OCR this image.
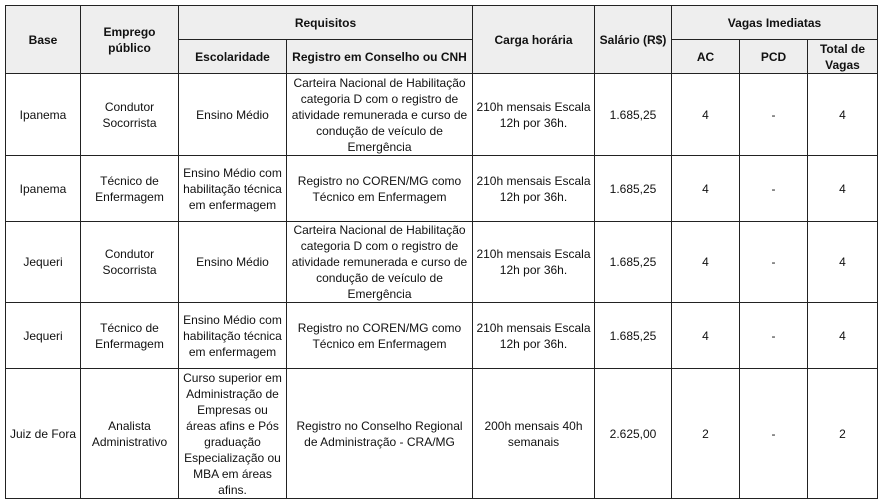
Base	Emprego público	Requisitos		Carga horária	Salário (R$)	Vagas Imediatas		
		Escolaridade	Registro em Conselho ou CNH			AC	PCD	Total de Vagas
Ipanema	Condutor Socorrista	Ensino Médio	Carteira Nacional de Habilitação categoria D com o registro de atividade remunerada e curso de condução de veículo de Emergência	210h mensais Escala 12h por 36h.	1.685,25	4	-	4
Ipanema	Técnico de Enfermagem	Ensino Médio com habilitação técnica em enfermagem	Registro no COREN/MG como Técnico em Enfermagem	210h mensais Escala 12h por 36h.	1.685,25	4	-	4
Jequeri	Condutor Socorrista	Ensino Médio	Carteira Nacional de Habilitação categoria D com o registro de atividade remunerada e curso de condução de veículo de Emergência	210h mensais Escala 12h por 36h.	1.685,25	4	-	4
Jequeri	Técnico de Enfermagem	Ensino Médio com habilitação técnica em enfermagem	Registro no COREN/MG como Técnico em Enfermagem	210h mensais Escala 12h por 36h.	1.685,25	4	-	4
Juiz de Fora	Analista Administrativo	Curso superior em Administração de Empresas ou áreas afins e Pós graduação Especialização ou MBA em áreas afins.	Registro no Conselho Regional de Administração - CRA/MG	200h mensais 40h semanais	2.625,00	2	-	2
